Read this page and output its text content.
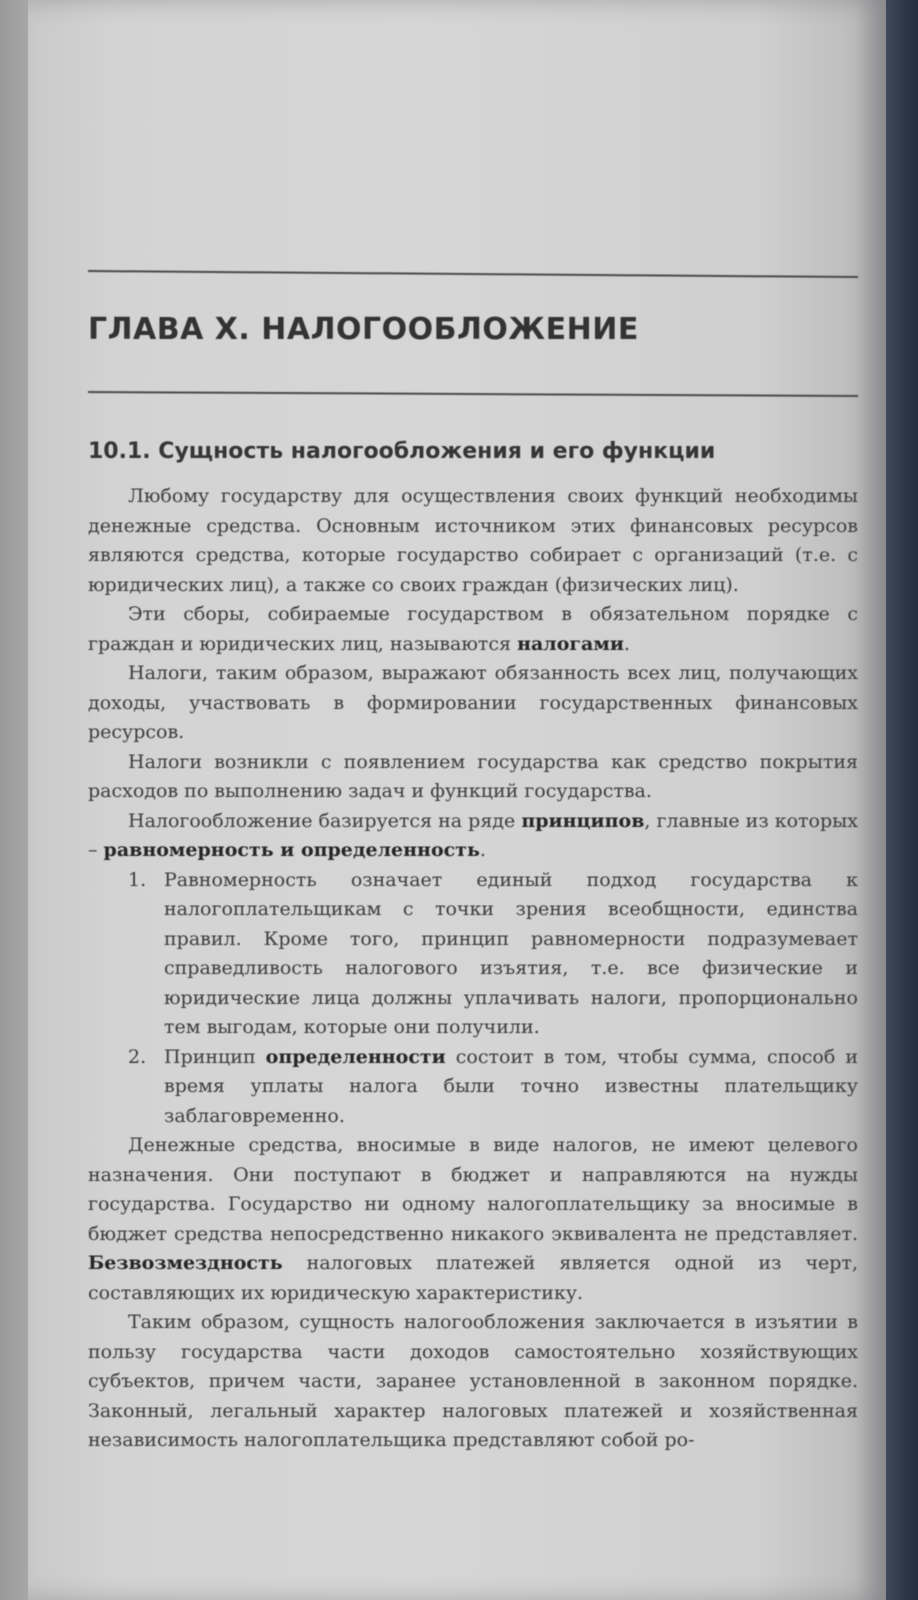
ГЛАВА X. НАЛОГООБЛОЖЕНИЕ
10.1. Сущность налогообложения и его функции

Любому государству для осуществления своих функций необходимы денежные средства. Основным источником этих финансовых ресурсов являются средства, которые государство собирает с организаций (т.е. с юридических лиц), а также со своих граждан (физических лиц).

Эти сборы, собираемые государством в обязательном порядке с граждан и юридических лиц, называются налогами.

Налоги, таким образом, выражают обязанность всех лиц, получающих доходы, участвовать в формировании государственных финансовых ресурсов.

Налоги возникли с появлением государства как средство покрытия расходов по выполнению задач и функций государства.

Налогообложение базируется на ряде принципов, главные из которых – равномерность и определенность.

1. Равномерность означает единый подход государства к налогоплательщикам с точки зрения всеобщности, единства правил. Кроме того, принцип равномерности подразумевает справедливость налогового изъятия, т.е. все физические и юридические лица должны уплачивать налоги, пропорционально тем выгодам, которые они получили.
2. Принцип определенности состоит в том, чтобы сумма, способ и время уплаты налога были точно известны плательщику заблаговременно.

Денежные средства, вносимые в виде налогов, не имеют целевого назначения. Они поступают в бюджет и направляются на нужды государства. Государство ни одному налогоплательщику за вносимые в бюджет средства непосредственно никакого эквивалента не представляет. Безвозмездность налоговых платежей является одной из черт, составляющих их юридическую характеристику.

Таким образом, сущность налогообложения заключается в изъятии в пользу государства части доходов самостоятельно хозяйствующих субъектов, причем части, заранее установленной в законном порядке. Законный, легальный характер налоговых платежей и хозяйственная независимость налогоплательщика представляют собой ро-
